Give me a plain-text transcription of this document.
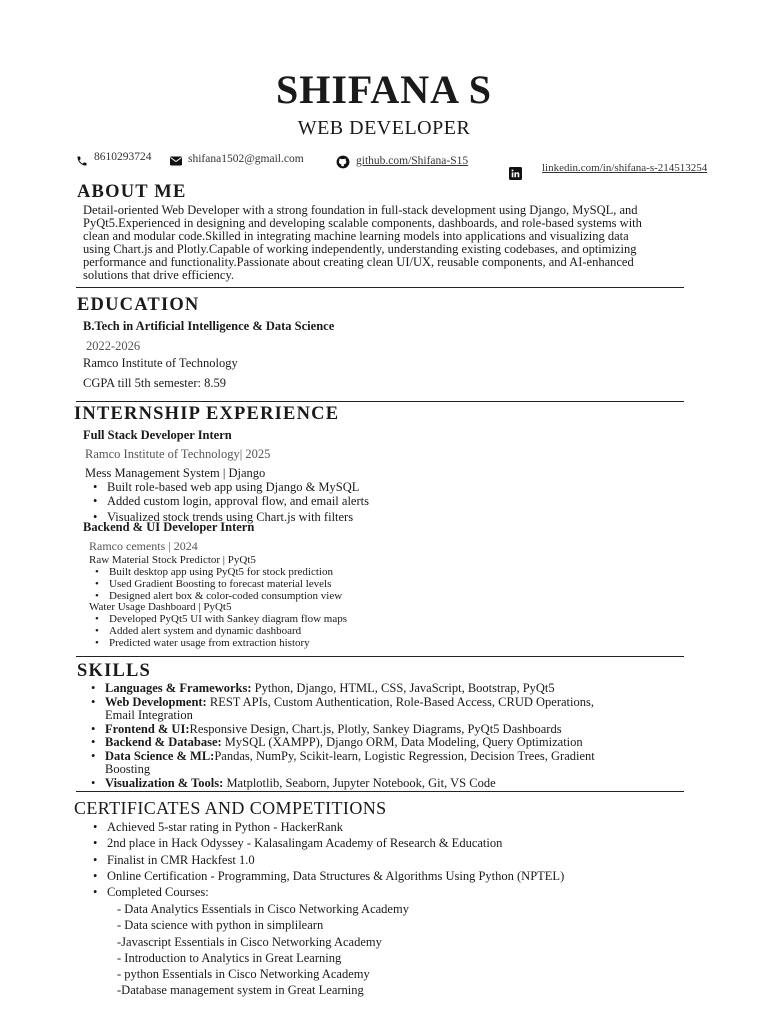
SHIFANA S
WEB DEVELOPER
8610293724	shifana1502@gmail.com	github.com/Shifana-S15
linkedin.com/in/shifana-s-214513254
ABOUT ME
Detail-oriented Web Developer with a strong foundation in full-stack development using Django, MySQL, and
PyQt5.Experienced in designing and developing scalable components, dashboards, and role-based systems with
clean and modular code.Skilled in integrating machine learning models into applications and visualizing data
using Chart.js and Plotly.Capable of working independently, understanding existing codebases, and optimizing
performance and functionality.Passionate about creating clean UI/UX, reusable components, and AI-enhanced
solutions that drive efficiency.
EDUCATION
B.Tech in Artificial Intelligence & Data Science
2022-2026
Ramco Institute of Technology
CGPA till 5th semester: 8.59
INTERNSHIP EXPERIENCE
Full Stack Developer Intern
Ramco Institute of Technology| 2025
Mess Management System | Django
• Built role-based web app using Django & MySQL
• Added custom login, approval flow, and email alerts
• Visualized stock trends using Chart.js with filters
Backend & UI Developer Intern
Ramco cements | 2024
Raw Material Stock Predictor | PyQt5
• Built desktop app using PyQt5 for stock prediction
• Used Gradient Boosting to forecast material levels
• Designed alert box & color-coded consumption view
Water Usage Dashboard | PyQt5
• Developed PyQt5 UI with Sankey diagram flow maps
• Added alert system and dynamic dashboard
• Predicted water usage from extraction history
SKILLS
• Languages & Frameworks: Python, Django, HTML, CSS, JavaScript, Bootstrap, PyQt5
• Web Development: REST APIs, Custom Authentication, Role-Based Access, CRUD Operations,
Email Integration
• Frontend & UI:Responsive Design, Chart.js, Plotly, Sankey Diagrams, PyQt5 Dashboards
• Backend & Database: MySQL (XAMPP), Django ORM, Data Modeling, Query Optimization
• Data Science & ML:Pandas, NumPy, Scikit-learn, Logistic Regression, Decision Trees, Gradient
Boosting
• Visualization & Tools: Matplotlib, Seaborn, Jupyter Notebook, Git, VS Code
CERTIFICATES AND COMPETITIONS
• Achieved 5-star rating in Python - HackerRank
• 2nd place in Hack Odyssey - Kalasalingam Academy of Research & Education
• Finalist in CMR Hackfest 1.0
• Online Certification - Programming, Data Structures & Algorithms Using Python (NPTEL)
• Completed Courses:
- Data Analytics Essentials in Cisco Networking Academy
- Data science with python in simplilearn
-Javascript Essentials in Cisco Networking Academy
- Introduction to Analytics in Great Learning
- python Essentials in Cisco Networking Academy
-Database management system in Great Learning
